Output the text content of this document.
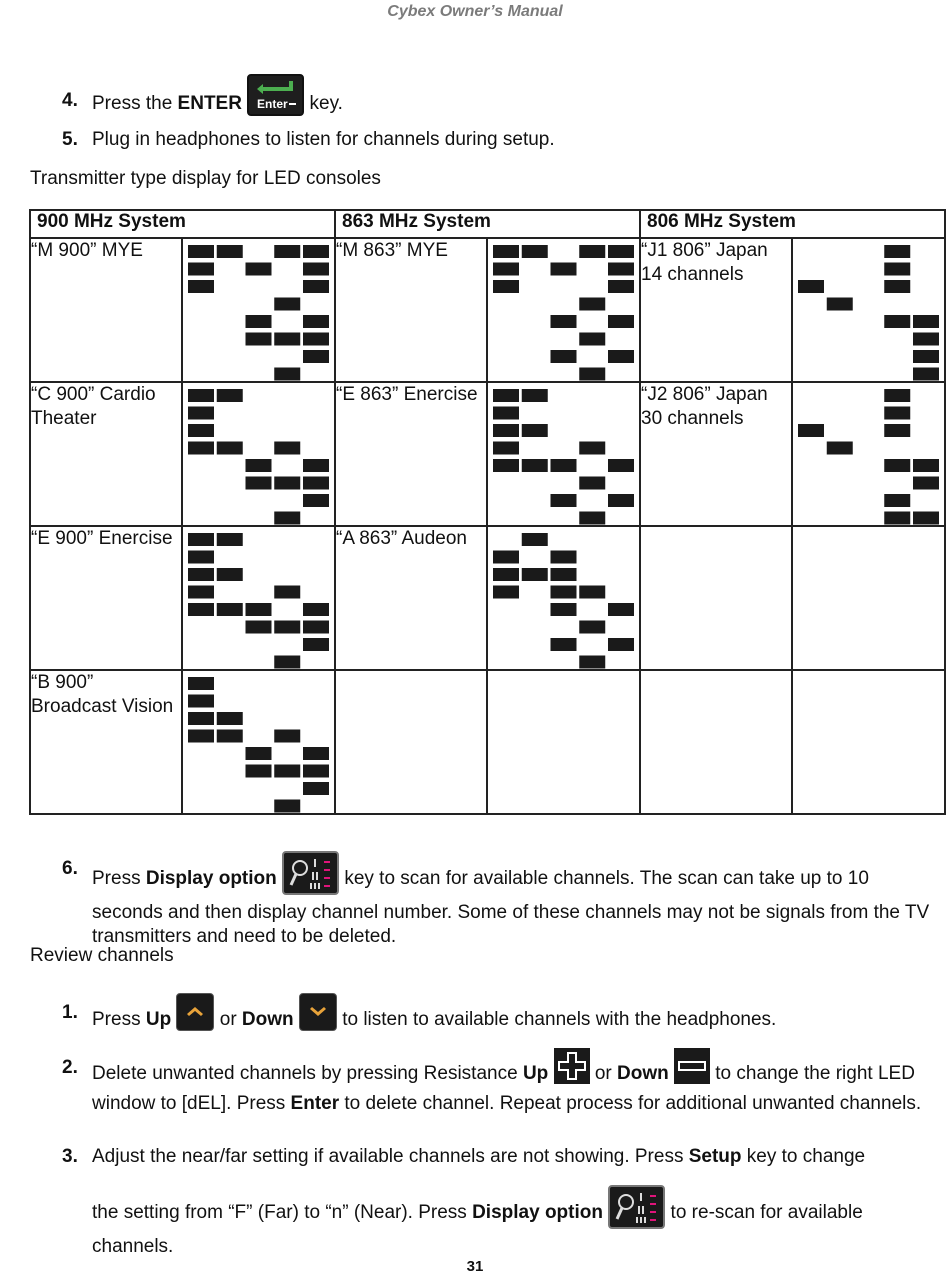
Cybex Owner’s Manual
4. Press the ENTER Enter key.
5. Plug in headphones to listen for channels during setup.
Transmitter type display for LED consoles
900 MHz System		863 MHz System		806 MHz System	
“M 900” MYE		“M 863” MYE		“J1 806” Japan 14 channels	

“C 900” Cardio Theater		“E 863” Enercise		“J2 806” Japan 30 channels	

“E 900” Enercise		“A 863” Audeon	

“B 900” Broadcast Vision	

6. Press Display option	key to scan for available channels. The scan can take up to 10 seconds and then display channel number. Some of these channels may not be signals from the TV transmitters and need to be deleted.
Review channels
1. Press Up
or Down	to listen to available channels with the headphones.
2. Delete unwanted channels by pressing Resistance Up
or Down
to change the right LED window to [dEL]. Press Enter to delete channel. Repeat process for additional unwanted channels.
3. Adjust the near/far setting if available channels are not showing. Press Setup key to change
the setting from “F” (Far) to “n” (Near). Press Display option	to re-scan for available channels.
31
